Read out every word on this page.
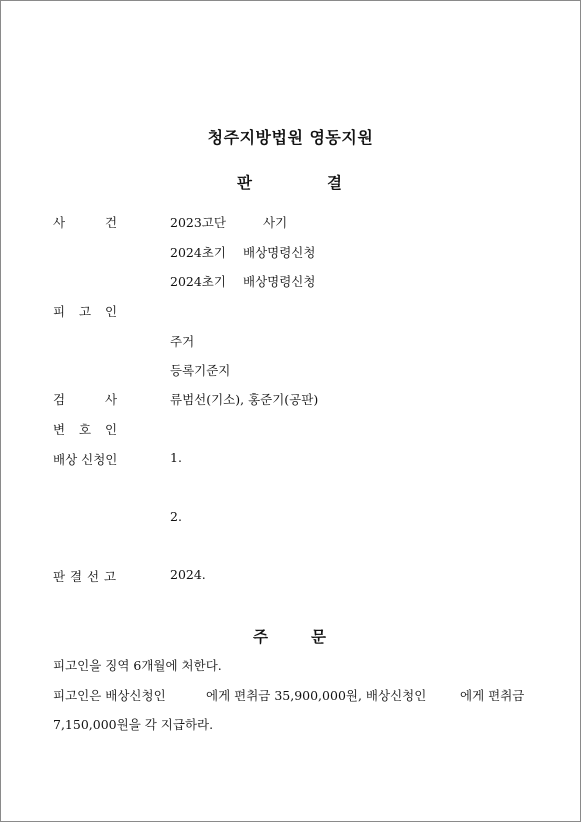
청주지방법원 영동지원
판	결
사	건	2023고단	사기
2024초기 배상명령신청
2024초기 배상명령신청
피 고 인
주거
등록기준지
검	사	류범선(기소), 홍준기(공판)
변 호 인
배상 신청인	1.
2.
판 결 선 고	2024.
주	문
피고인을 징역 6개월에 처한다.
피고인은 배상신청인	에게 편취금 35,900,000원, 배상신청인	에게 편취금
7,150,000원을 각 지급하라.
